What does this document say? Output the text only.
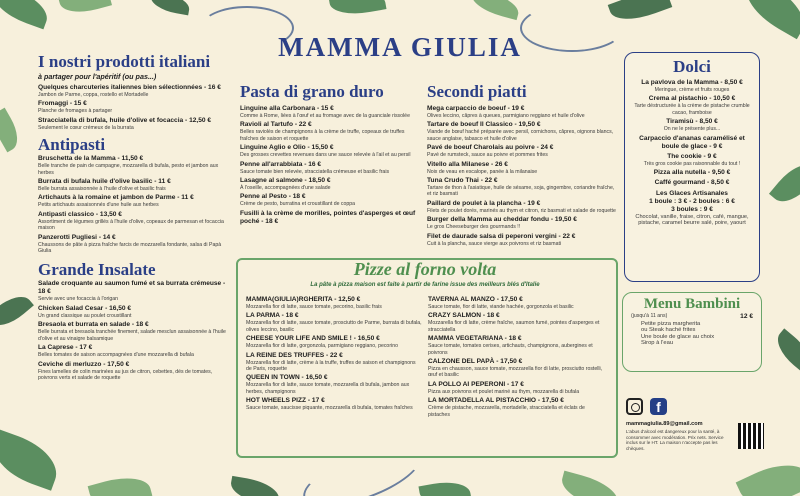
MAMMA GIULIA
I nostri prodotti italiani
à partager pour l'apéritif (ou pas...)
Quelques charcuteries italiennes bien sélectionnées - 16 €
Jambon de Parme, coppa, rostello et Mortadelle
Fromaggi - 15 €
Planche de fromages à partager
Stracciatella di bufala, huile d'olive et focaccia - 12,50 €
Seulement le cœur crémeux de la burrata
Antipasti
Bruschetta de la Mamma - 11,50 €
Belle tranche de pain de campagne, mozzarella di bufala, pesto et jambon aux herbes
Burrata di bufala huile d'olive basilic - 11 €
Belle burrata assaisonnée à l'huile d'olive et basilic frais
Artichauts à la romaine et jambon de Parme - 11 €
Petits artichauts assaisonnés d'une huile aux herbes
Antipasti classico - 13,50 €
Assortiment de légumes grillés à l'huile d'olive, copeaux de parmesan et focaccia maison
Panzerotti Pugliesi - 14 €
Chaussons de pâte à pizza fraîche farcis de mozzarella fondante, salsa di Papà Giulia
Grande Insalate
Salade croquante au saumon fumé et sa burrata crémeuse - 18 €
Servie avec une focaccia à l'origan
Chicken Salad Cesar - 16,50 €
Un grand classique au poulet croustillant
Bresaola et burrata en salade - 18 €
Belle burrata et bresaola tranchée finement, salade mesclun assaisonnée à l'huile d'olive et au vinaigre balsamique
La Caprese - 17 €
Belles tomates de saison accompagnées d'une mozzarella di bufala
Ceviche di merluzzo - 17,50 €
Fines lamelles de colin marinées au jus de citron, cebettes, dés de tomates, poivrons verts et salade de roquette
Pasta di grano duro
Linguine alla Carbonara - 15 €
Comme à Rome, liées à l'œuf et au fromage avec de la guanciale rissolée
Ravioli al Tartufo - 22 €
Belles raviolès de champignons à la crème de truffe, copeaux de truffes fraîches de saison et roquette
Linguine Aglio e Olio - 15,50 €
Des grosses crevettes revenues dans une sauce relevée à l'ail et au persil
Penne all'arrabbiata - 16 €
Sauce tomate bien relevée, stracciatella crémeuse et basilic frais
Lasagne al salmone - 18,50 €
À l'oseille, accompagnées d'une salade
Penne al Pesto - 18 €
Crème de pesto, burratina et croustillant de coppa
Fusilli à la crème de morilles, pointes d'asperges et œuf poché - 18 €
Secondi piatti
Mega carpaccio de boeuf - 19 €
Olives leccino, câpres à queues, parmigiano reggiano et huile d'olive
Tartare de boeuf Il Classico - 19,50 €
Viande de bœuf haché préparée avec persil, cornichons, câpres, oignons blancs, sauce anglaise, tabasco et huile d'olive
Pavé de boeuf Charolais au poivre - 24 €
Pavé de rumsteck, sauce au poivre et pommes frites
Vitello alla Milanese - 26 €
Noix de veau en escalope, panée à la milanaise
Tuna Crudo Thai - 22 €
Tartare de thon à l'asiatique, huile de sésame, soja, gingembre, coriandre fraîche, et riz basmati
Paillard de poulet à la plancha - 19 €
Filets de poulet dorés, marinés au thym et citron, riz basmati et salade de roquette
Burger della Mamma au cheddar fondu - 19,50 €
Le gros Cheeseburger des gourmands !!
Filet de daurade salsa di peperoni vergini - 22 €
Cuit à la plancha, sauce vierge aux poivrons et riz basmati
Pizze al forno volta
La pâte à pizza maison est faite à partir de farine issue des meilleurs blés d'Italie
MAMMA(GIULIA)RGHERITA - 12,50 €
Mozzarella fior di latte, sauce tomate, pecorino, basilic frais
LA PARMA - 18 €
Mozzarella fior di latte, sauce tomate, prosciutto de Parme, burrata di bufala, olives leccino, basilic
CHEESE YOUR LIFE AND SMILE ! - 16,50 €
Mozzarella fior di latte, gorgonzola, parmigiano reggiano, pecorino
LA REINE DES TRUFFES - 22 €
Mozzarella fior di latte, crème à la truffe, truffes de saison et champignons de Paris, roquette
QUEEN IN TOWN - 16,50 €
Mozzarella fior di latte, sauce tomate, mozzarella di bufala, jambon aux herbes, champignons
HOT WHEELS PIZZ - 17 €
Sauce tomate, saucisse piquante, mozzarella di bufala, tomates fraîches
TAVERNA AL MANZO - 17,50 €
Sauce tomate, fior di latte, viande hachée, gorgonzola et basilic
CRAZY SALMON - 18 €
Mozzarella fior di latte, crème fraîche, saumon fumé, pointes d'asperges et stracciatella
MAMMA VEGETARIANA - 18 €
Sauce tomate, tomates cerises, artichauts, champignons, aubergines et poivrons
CALZONE DEL PAPÀ - 17,50 €
Pizza en chausson, sauce tomate, mozzarella fior di latte, prosciutto rostelli, œuf et basilic
LA POLLO AI PEPERONI - 17 €
Pizza aux poivrons et poulet mariné au thym, mozzarella di bufala
LA MORTADELLA AL PISTACCHIO - 17,50 €
Crème de pistache, mozzarella, mortadelle, stracciatella et éclats de pistaches
Dolci
La pavlova de la Mamma - 8,50 €
Meringue, crème et fruits rouges
Crema al pistachio - 10,50 €
Tarte déstructurée à la crème de pistache crumble cacao, framboise
Tiramisù - 8,50 €
On ne le présente plus...
Carpaccio d'ananas caramélisé et boule de glace - 9 €
The cookie - 9 €
Très gros cookie pas raisonnable du tout !
Pizza alla nutella - 9,50 €
Caffé gourmand - 8,50 €
Les Glaces Artisanales
1 boule : 3 € - 2 boules : 6 €
3 boules : 9 €
Chocolat, vanille, fraise, citron, café, mangue, pistache, caramel beurre salé, poire, yaourt
Menu Bambini
(jusqu'à 11 ans)	12 €
Petite pizza margherita
ou Steak haché frites
Une boule de glace au choix
Sirop à l'eau
f
mammagiulia.89@gmail.com
L'abus d'alcool est dangereux pour la santé, à consommer avec modération. Prix nets. Service inclus sur le HT. La maison n'accepte pas les chèques.
